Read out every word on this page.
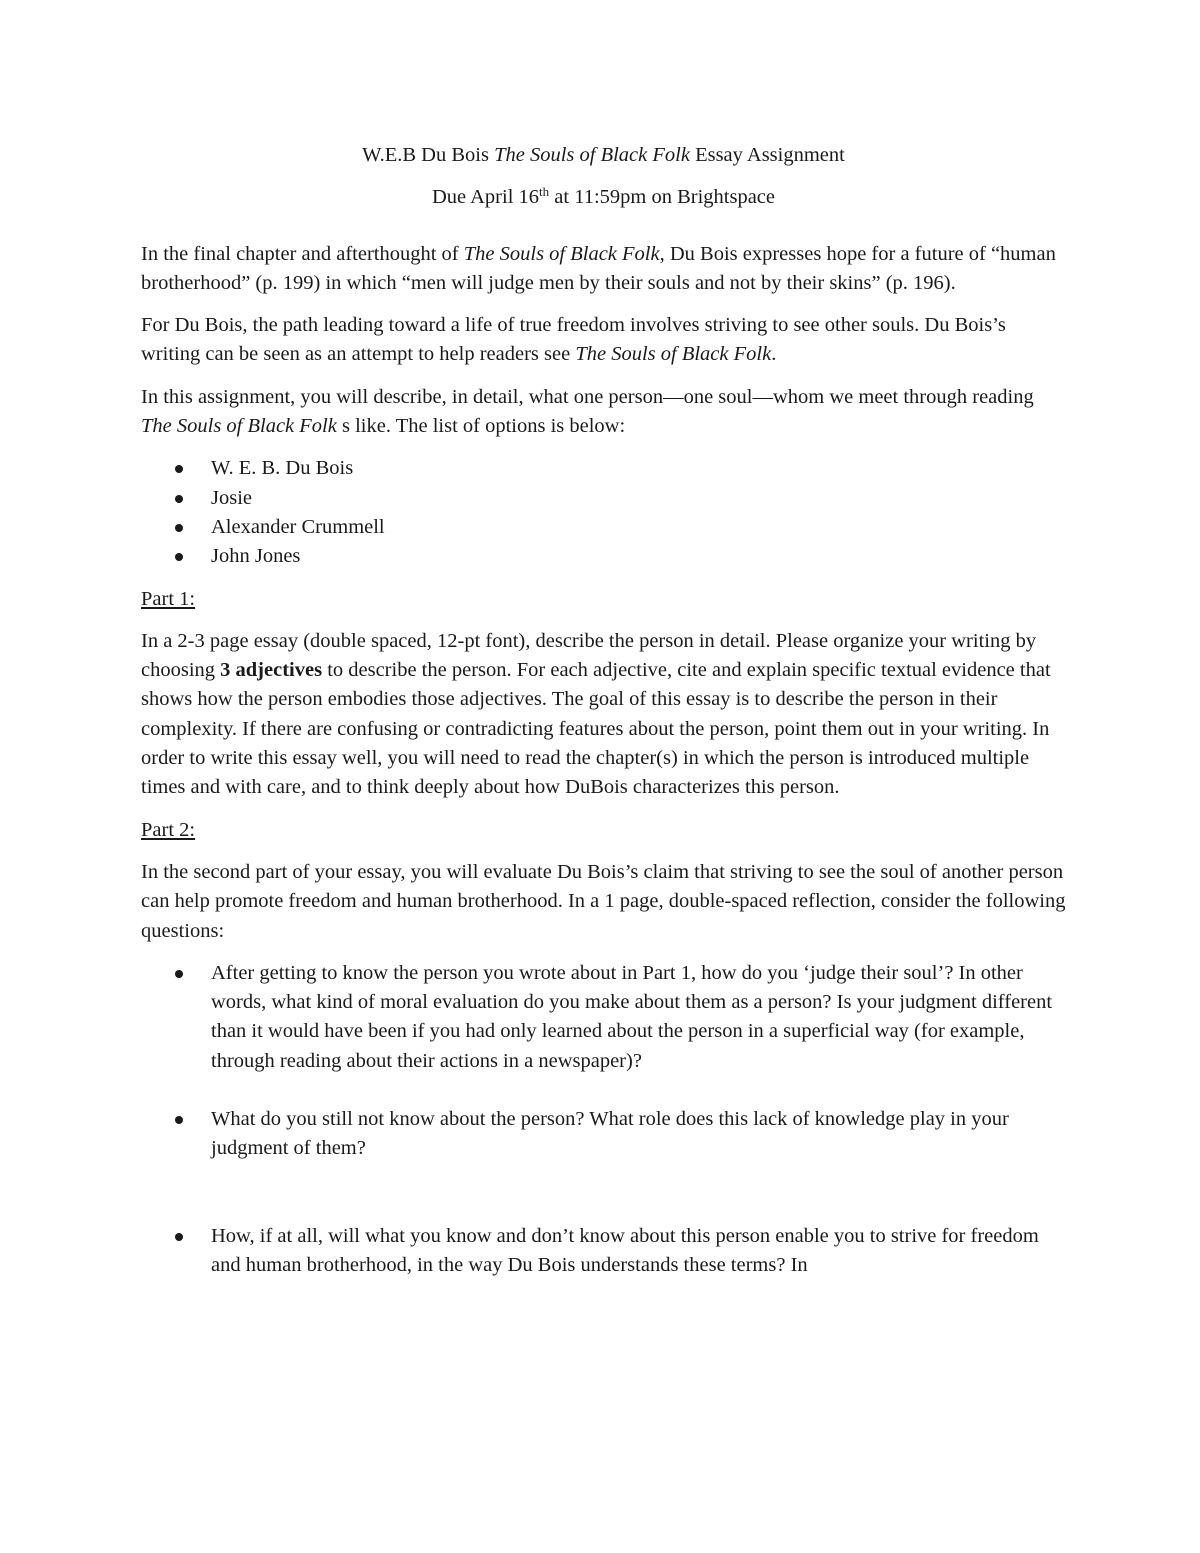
W.E.B Du Bois The Souls of Black Folk Essay Assignment

Due April 16th at 11:59pm on Brightspace

In the final chapter and afterthought of The Souls of Black Folk, Du Bois expresses hope for a future of “human brotherhood” (p. 199) in which “men will judge men by their souls and not by their skins” (p. 196).

For Du Bois, the path leading toward a life of true freedom involves striving to see other souls. Du Bois’s writing can be seen as an attempt to help readers see The Souls of Black Folk.

In this assignment, you will describe, in detail, what one person—one soul—whom we meet through reading The Souls of Black Folk s like. The list of options is below:

W. E. B. Du Bois
Josie
Alexander Crummell
John Jones

Part 1:

In a 2-3 page essay (double spaced, 12-pt font), describe the person in detail. Please organize your writing by choosing 3 adjectives to describe the person. For each adjective, cite and explain specific textual evidence that shows how the person embodies those adjectives. The goal of this essay is to describe the person in their complexity. If there are confusing or contradicting features about the person, point them out in your writing. In order to write this essay well, you will need to read the chapter(s) in which the person is introduced multiple times and with care, and to think deeply about how DuBois characterizes this person.

Part 2:

In the second part of your essay, you will evaluate Du Bois’s claim that striving to see the soul of another person can help promote freedom and human brotherhood. In a 1 page, double-spaced reflection, consider the following questions:

After getting to know the person you wrote about in Part 1, how do you ‘judge their soul’? In other words, what kind of moral evaluation do you make about them as a person? Is your judgment different than it would have been if you had only learned about the person in a superficial way (for example, through reading about their actions in a newspaper)?
What do you still not know about the person? What role does this lack of knowledge play in your judgment of them?
How, if at all, will what you know and don’t know about this person enable you to strive for freedom and human brotherhood, in the way Du Bois understands these terms? In
